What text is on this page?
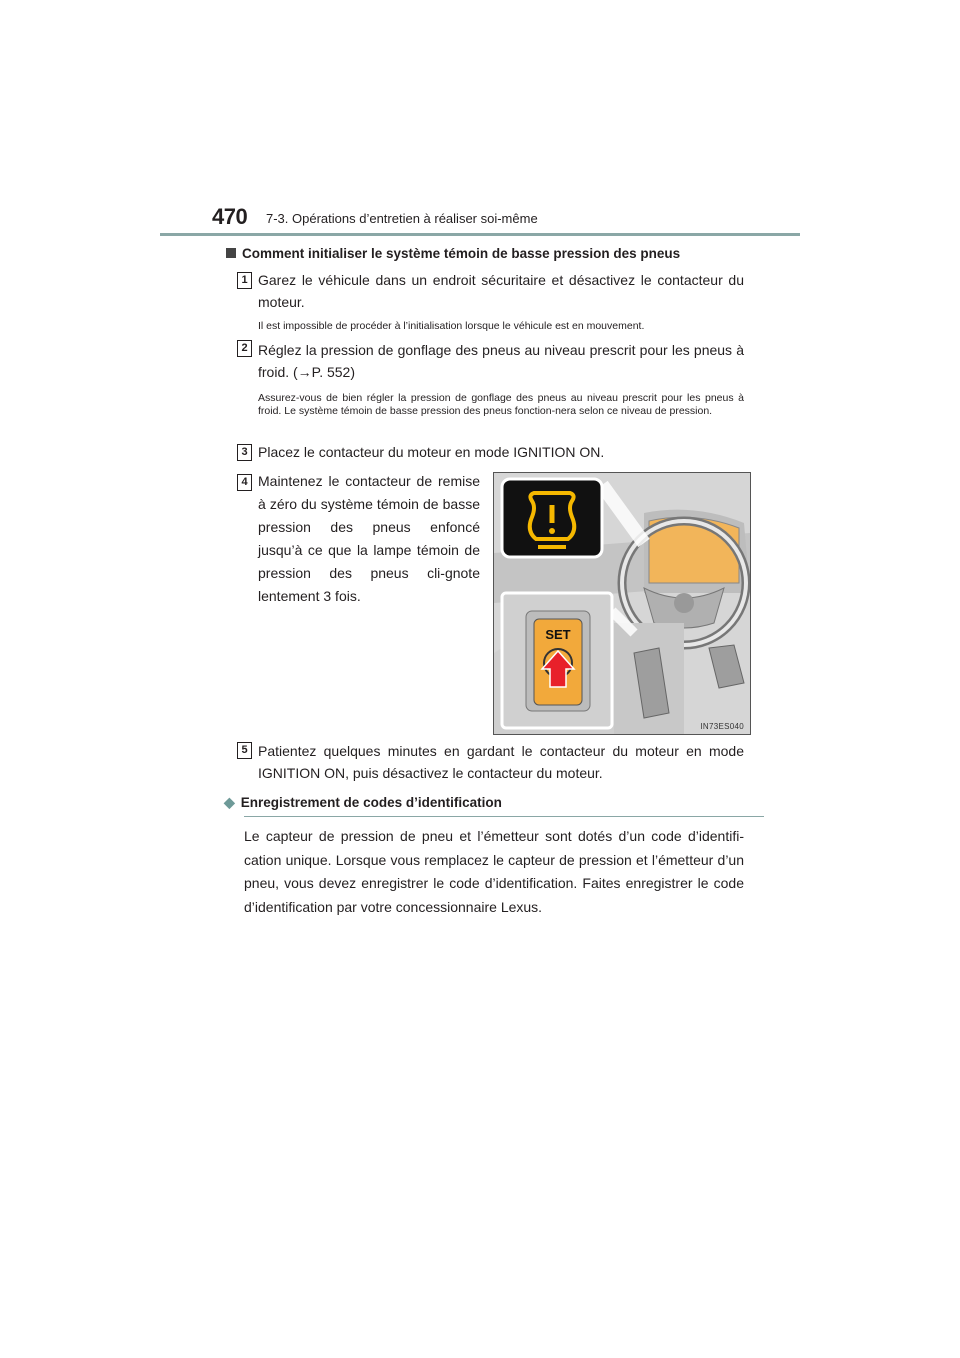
470 7-3. Opérations d’entretien à réaliser soi-même
Comment initialiser le système témoin de basse pression des pneus
1 Garez le véhicule dans un endroit sécuritaire et désactivez le contacteur du moteur.
Il est impossible de procéder à l’initialisation lorsque le véhicule est en mouvement.
2 Réglez la pression de gonflage des pneus au niveau prescrit pour les pneus à froid. (→P. 552)
Assurez-vous de bien régler la pression de gonflage des pneus au niveau prescrit pour les pneus à froid. Le système témoin de basse pression des pneus fonction-nera selon ce niveau de pression.
3 Placez le contacteur du moteur en mode IGNITION ON.
4 Maintenez le contacteur de remise à zéro du système témoin de basse pression des pneus enfoncé jusqu’à ce que la lampe témoin de pression des pneus cli-gnote lentement 3 fois.
SET
IN73ES040
5 Patientez quelques minutes en gardant le contacteur du moteur en mode IGNITION ON, puis désactivez le contacteur du moteur.
◆ Enregistrement de codes d’identification
Le capteur de pression de pneu et l’émetteur sont dotés d’un code d’identifi-cation unique. Lorsque vous remplacez le capteur de pression et l’émetteur d’un pneu, vous devez enregistrer le code d’identification. Faites enregistrer le code d’identification par votre concessionnaire Lexus.
